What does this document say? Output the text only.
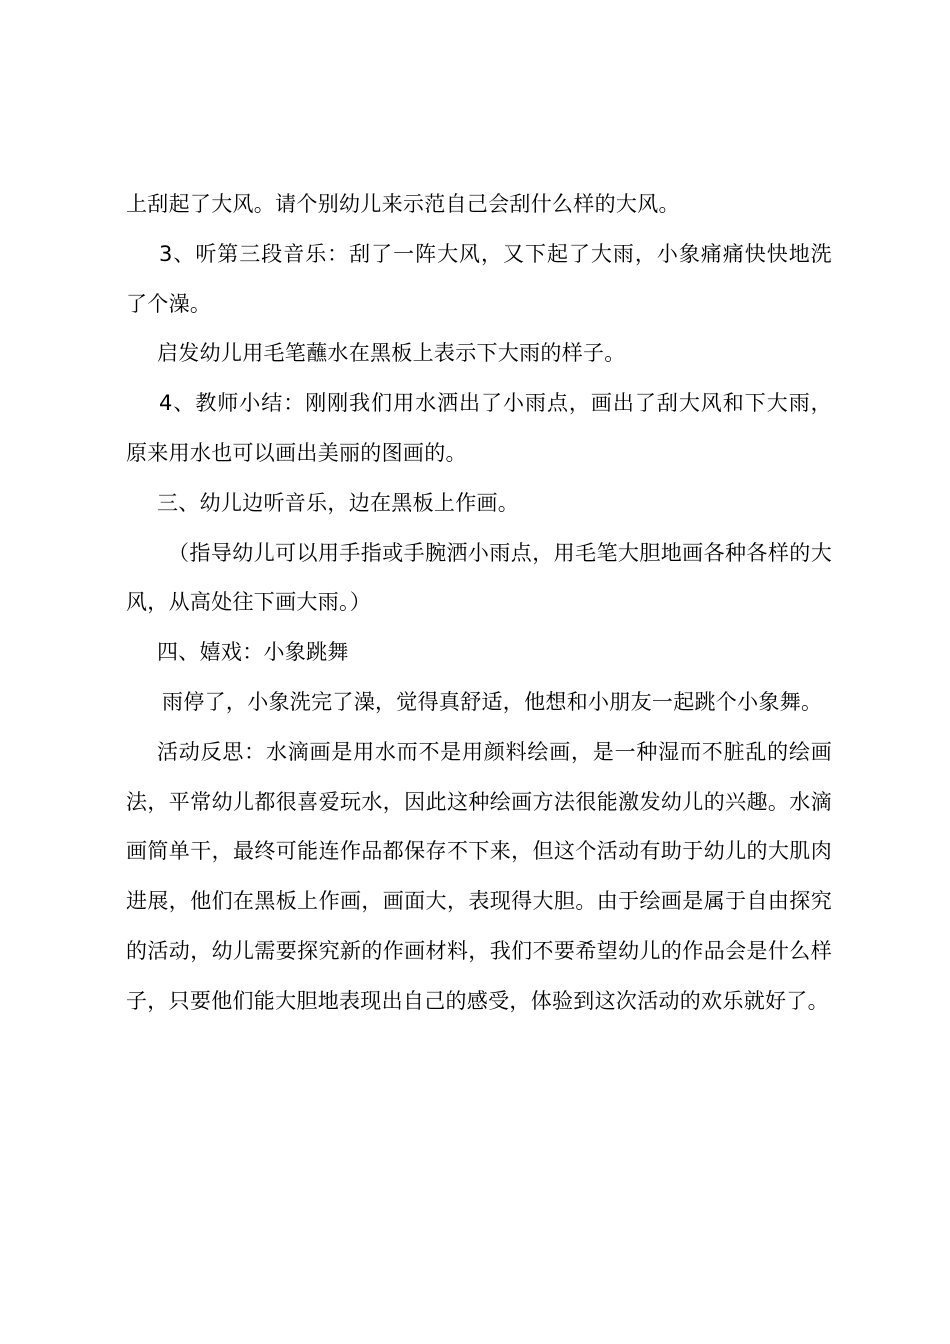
上刮起了大风。请个别幼儿来示范自己会刮什么样的大风。

3、听第三段音乐：刮了一阵大风，又下起了大雨，小象痛痛快快地洗了个澡。

启发幼儿用毛笔蘸水在黑板上表示下大雨的样子。

4、教师小结：刚刚我们用水洒出了小雨点，画出了刮大风和下大雨，原来用水也可以画出美丽的图画的。

三、幼儿边听音乐，边在黑板上作画。

（指导幼儿可以用手指或手腕洒小雨点，用毛笔大胆地画各种各样的大风，从高处往下画大雨。）

四、嬉戏：小象跳舞

雨停了，小象洗完了澡，觉得真舒适，他想和小朋友一起跳个小象舞。

活动反思：水滴画是用水而不是用颜料绘画，是一种湿而不脏乱的绘画法，平常幼儿都很喜爱玩水，因此这种绘画方法很能激发幼儿的兴趣。水滴画简单干，最终可能连作品都保存不下来，但这个活动有助于幼儿的大肌肉进展，他们在黑板上作画，画面大，表现得大胆。由于绘画是属于自由探究的活动，幼儿需要探究新的作画材料，我们不要希望幼儿的作品会是什么样子，只要他们能大胆地表现出自己的感受，体验到这次活动的欢乐就好了。
